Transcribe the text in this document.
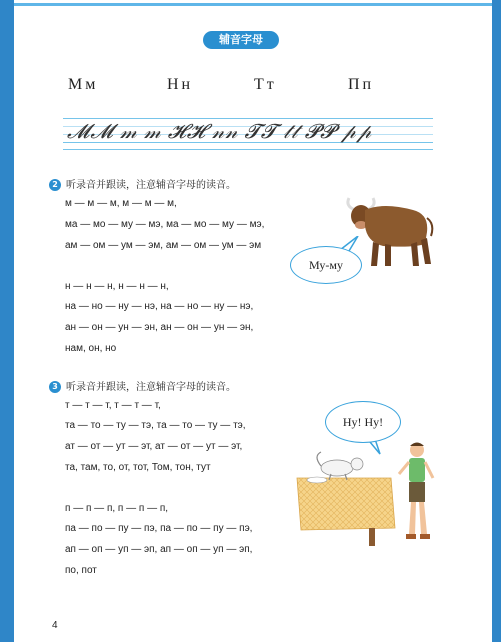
辅音字母
Мм	Нн	Тт	Пп
𝓜𝓜 𝓂 𝓂 𝓗𝓗 𝓃𝓃 𝓣𝓣 𝓉𝓉 𝓟𝓟 𝓅𝓅
2 听录音并跟读，注意辅音字母的读音。
м — м — м, м — м — м,
ма — мо — му — мэ, ма — мо — му — мэ,
ам — ом — ум — эм, ам — ом — ум — эм
н — н — н, н — н — н,
на — но — ну — нэ, на — но — ну — нэ,
ан — он — ун — эн, ан — он — ун — эн,
нам, он, но
Му-му
3 听录音并跟读，注意辅音字母的读音。
т — т — т, т — т — т,
та — то — ту — тэ, та — то — ту — тэ,
ат — от — ут — эт, ат — от — ут — эт,
та, там, то, от, тот, Том, тон, тут
п — п — п, п — п — п,
па — по — пу — пэ, па — по — пу — пэ,
ап — оп — уп — эп, ап — оп — уп — эп,
по, пот
Ну! Ну!
4
